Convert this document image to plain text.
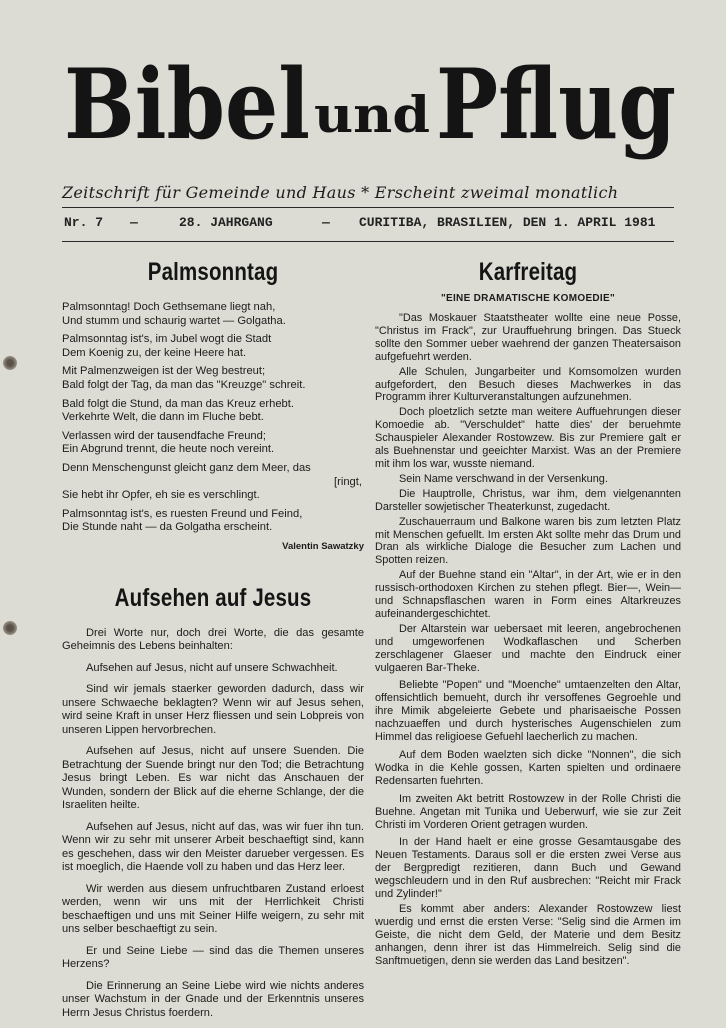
Bibel und Pflug
Zeitschrift für Gemeinde und Haus * Erscheint zweimal monatlich
Nr. 7 —	28. JAHRGANG	— CURITIBA, BRASILIEN, DEN 1. APRIL 1981
Palmsonntag
Palmsonntag! Doch Gethsemane liegt nah,
Und stumm und schaurig wartet — Golgatha.
Palmsonntag ist's, im Jubel wogt die Stadt
Dem Koenig zu, der keine Heere hat.
Mit Palmenzweigen ist der Weg bestreut;
Bald folgt der Tag, da man das "Kreuzge" schreit.
Bald folgt die Stund, da man das Kreuz erhebt.
Verkehrte Welt, die dann im Fluche bebt.
Verlassen wird der tausendfache Freund;
Ein Abgrund trennt, die heute noch vereint.
Denn Menschengunst gleicht ganz dem Meer, das
[ringt,
Sie hebt ihr Opfer, eh sie es verschlingt.
Palmsonntag ist's, es ruesten Freund und Feind,
Die Stunde naht — da Golgatha erscheint.
Valentin Sawatzky
Aufsehen auf Jesus

Drei Worte nur, doch drei Worte, die das gesamte Geheimnis des Lebens beinhalten:

Aufsehen auf Jesus, nicht auf unsere Schwachheit.

Sind wir jemals staerker geworden dadurch, dass wir unsere Schwaeche beklagten? Wenn wir auf Jesus sehen, wird seine Kraft in unser Herz fliessen und sein Lobpreis von unseren Lippen hervorbrechen.

Aufsehen auf Jesus, nicht auf unsere Suenden. Die Betrachtung der Suende bringt nur den Tod; die Betrachtung Jesus bringt Leben. Es war nicht das Anschauen der Wunden, sondern der Blick auf die eherne Schlange, der die Israeliten heilte.

Aufsehen auf Jesus, nicht auf das, was wir fuer ihn tun. Wenn wir zu sehr mit unserer Arbeit beschaeftigt sind, kann es geschehen, dass wir den Meister darueber vergessen. Es ist moeglich, die Haende voll zu haben und das Herz leer.

Wir werden aus diesem unfruchtbaren Zustand erloest werden, wenn wir uns mit der Herrlichkeit Christi beschaeftigen und uns mit Seiner Hilfe weigern, zu sehr mit uns selber beschaeftigt zu sein.

Er und Seine Liebe — sind das die Themen unseres Herzens?

Die Erinnerung an Seine Liebe wird wie nichts anderes unser Wachstum in der Gnade und der Erkenntnis unseres Herrn Jesus Christus foerdern.

Karfreitag
"EINE DRAMATISCHE KOMOEDIE"

"Das Moskauer Staatstheater wollte eine neue Posse, "Christus im Frack", zur Urauffuehrung bringen. Das Stueck sollte den Sommer ueber waehrend der ganzen Theatersaison aufgefuehrt werden.

Alle Schulen, Jungarbeiter und Komsomolzen wurden aufgefordert, den Besuch dieses Machwerkes in das Programm ihrer Kulturveranstaltungen aufzunehmen.

Doch ploetzlich setzte man weitere Auffuehrungen dieser Komoedie ab. "Verschuldet" hatte dies' der beruehmte Schauspieler Alexander Rostowzew. Bis zur Premiere galt er als Buehnenstar und geeichter Marxist. Was an der Premiere mit ihm los war, wusste niemand.

Sein Name verschwand in der Versenkung.

Die Hauptrolle, Christus, war ihm, dem vielgenannten Darsteller sowjetischer Theaterkunst, zugedacht.

Zuschauerraum und Balkone waren bis zum letzten Platz mit Menschen gefuellt. Im ersten Akt sollte mehr das Drum und Dran als wirkliche Dialoge die Besucher zum Lachen und Spotten reizen.

Auf der Buehne stand ein "Altar", in der Art, wie er in den russisch-orthodoxen Kirchen zu stehen pflegt. Bier—, Wein— und Schnapsflaschen waren in Form eines Altarkreuzes aufeinandergeschichtet.

Der Altarstein war uebersaet mit leeren, angebrochenen und umgeworfenen Wodkaflaschen und Scherben zerschlagener Glaeser und machte den Eindruck einer vulgaeren Bar-Theke.

Beliebte "Popen" und "Moenche" umtaenzelten den Altar, offensichtlich bemueht, durch ihr versoffenes Gegroehle und ihre Mimik abgeleierte Gebete und pharisaeische Possen nachzuaeffen und durch hysterisches Augenschielen zum Himmel das religioese Gefuehl laecherlich zu machen.

Auf dem Boden waelzten sich dicke "Nonnen", die sich Wodka in die Kehle gossen, Karten spielten und ordinaere Redensarten fuehrten.

Im zweiten Akt betritt Rostowzew in der Rolle Christi die Buehne. Angetan mit Tunika und Ueberwurf, wie sie zur Zeit Christi im Vorderen Orient getragen wurden.

In der Hand haelt er eine grosse Gesamtausgabe des Neuen Testaments. Daraus soll er die ersten zwei Verse aus der Bergpredigt rezitieren, dann Buch und Gewand wegschleudern und in den Ruf ausbrechen: "Reicht mir Frack und Zylinder!"

Es kommt aber anders: Alexander Rostowzew liest wuerdig und ernst die ersten Verse: "Selig sind die Armen im Geiste, die nicht dem Geld, der Materie und dem Besitz anhangen, denn ihrer ist das Himmelreich. Selig sind die Sanftmuetigen, denn sie werden das Land besitzen".
